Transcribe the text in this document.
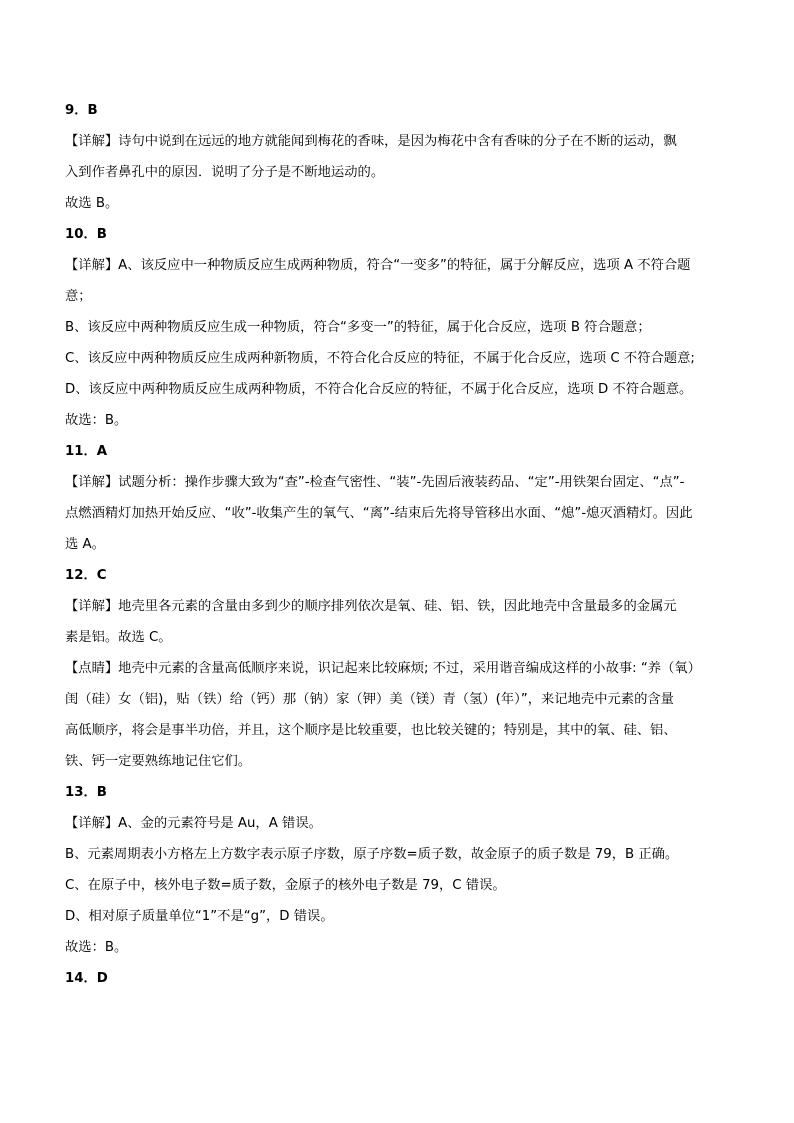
9．B
【详解】诗句中说到在远远的地方就能闻到梅花的香味，是因为梅花中含有香味的分子在不断的运动，飘
入到作者鼻孔中的原因．说明了分子是不断地运动的。
故选 B。
10．B
【详解】A、该反应中一种物质反应生成两种物质，符合“一变多”的特征，属于分解反应，选项 A 不符合题
意；
B、该反应中两种物质反应生成一种物质，符合“多变一”的特征，属于化合反应，选项 B 符合题意；
C、该反应中两种物质反应生成两种新物质，不符合化合反应的特征，不属于化合反应，选项 C 不符合题意;
D、该反应中两种物质反应生成两种物质，不符合化合反应的特征，不属于化合反应，选项 D 不符合题意。
故选：B。
11．A
【详解】试题分析：操作步骤大致为“查”-检查气密性、“装”-先固后液装药品、“定”-用铁架台固定、“点”-
点燃酒精灯加热开始反应、“收”-收集产生的氧气、“离”-结束后先将导管移出水面、“熄”-熄灭酒精灯。因此
选 A。
12．C
【详解】地壳里各元素的含量由多到少的顺序排列依次是氧、硅、铝、铁，因此地壳中含量最多的金属元
素是铝。故选 C。
【点睛】地壳中元素的含量高低顺序来说，识记起来比较麻烦; 不过，采用谐音编成这样的小故事: “养（氧）
闺（硅）女（铝)，贴（铁）给（钙）那（钠）家（钾）美（镁）青（氢）(年）”，来记地壳中元素的含量
高低顺序，将会是事半功倍，并且，这个顺序是比较重要，也比较关键的；特别是，其中的氧、硅、铝、
铁、钙一定要熟练地记住它们。
13．B
【详解】A、金的元素符号是 Au，A 错误。
B、元素周期表小方格左上方数字表示原子序数，原子序数=质子数，故金原子的质子数是 79，B 正确。
C、在原子中，核外电子数=质子数，金原子的核外电子数是 79，C 错误。
D、相对原子质量单位“1”不是“g”，D 错误。
故选：B。
14．D
